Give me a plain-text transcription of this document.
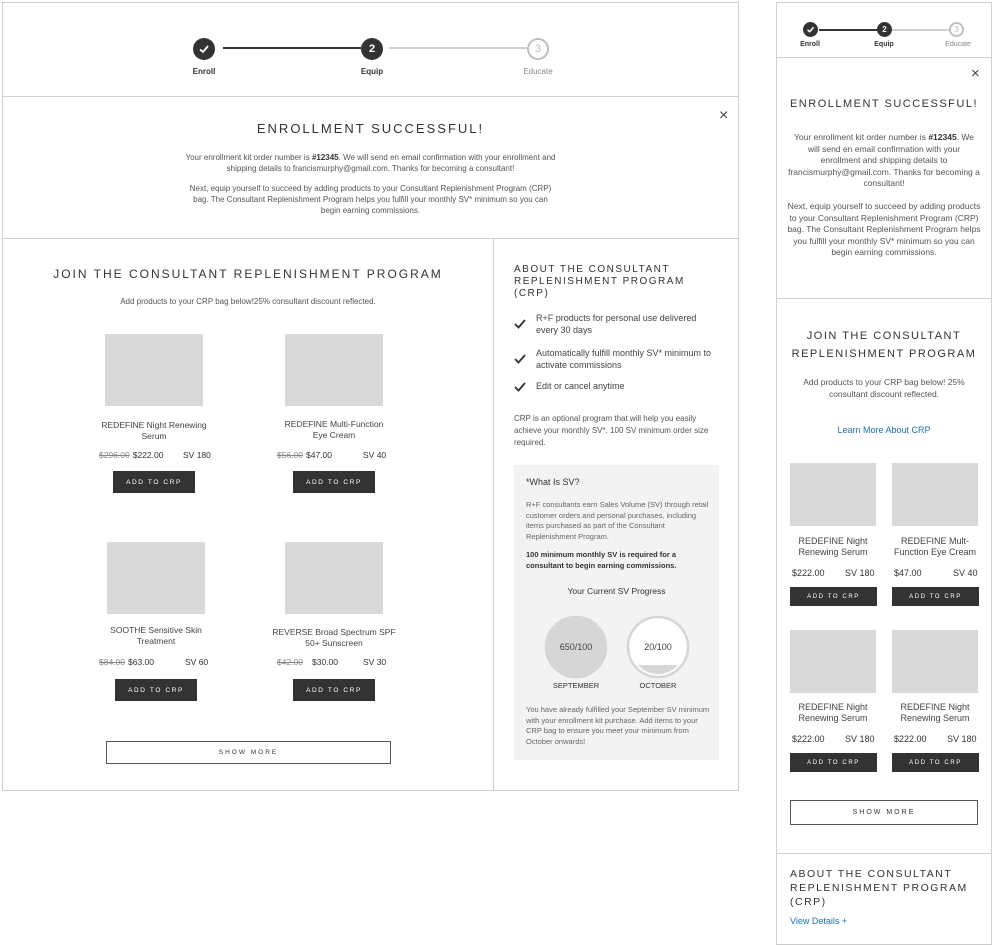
2	3
Enroll	Equip	Educate
×
ENROLLMENT SUCCESSFUL!

Your enrollment kit order number is #12345. We will send en email confirmation with your enrollment and shipping details to francismurphy@gmail.com. Thanks for becoming a consultant!

Next, equip yourself to succeed by adding products to your Consultant Replenishment Program (CRP) bag. The Consultant Replenishment Program helps you fulfill your monthly SV* minimum so you can begin earning commissions.

JOIN THE CONSULTANT REPLENISHMENT PROGRAM
Add products to your CRP bag below!25% consultant discount reflected.
REDEFINE Night Renewing Serum
$296.00 $222.00 SV 180
ADD TO CRP
REDEFINE Multi-Function Eye Cream
$56.00 $47.00	SV 40
ADD TO CRP
SOOTHE Sensitive Skin Treatment
$84.00 $63.00	SV 60
ADD TO CRP
REVERSE Broad Spectrum SPF 50+ Sunscreen
$42.00 $30.00	SV 30
ADD TO CRP
SHOW MORE
ABOUT THE CONSULTANT REPLENISHMENT PROGRAM (CRP)
R+F products for personal use delivered every 30 days
Automatically fulfill monthly SV* minimum to activate commissions
Edit or cancel anytime
CRP is an optional program that will help you easily achieve your monthly SV*. 100 SV minimum order size required.
*What Is SV?
R+F consultants earn Sales Volume (SV) through retail customer orders and personal purchases, including items purchased as part of the Consultant Replenishment Program.
100 minimum monthly SV is required for a consultant to begin earning commissions.
Your Current SV Progress
650/100	20/100
SEPTEMBER	OCTOBER
You have already fulfilled your September SV minimum with your enrollment kit purchase. Add items to your CRP bag to ensure you meet your minimum from October onwards!
2	3
Enroll	Equip	Educate
×
ENROLLMENT SUCCESSFUL!

Your enrollment kit order number is #12345. We will send en email confirmation with your enrollment and shipping details to francismurphy@gmail.com. Thanks for becoming a consultant!

Next, equip yourself to succeed by adding products to your Consultant Replenishment Program (CRP) bag. The Consultant Replenishment Program helps you fulfill your monthly SV* minimum so you can begin earning commissions.

JOIN THE CONSULTANT REPLENISHMENT PROGRAM
Add products to your CRP bag below! 25% consultant discount reflected.
Learn More About CRP
REDEFINE Night Renewing Serum
$222.00 SV 180
ADD TO CRP
REDEFINE Mult-Function Eye Cream
$47.00	SV 40
ADD TO CRP
REDEFINE Night Renewing Serum
$222.00 SV 180
ADD TO CRP
REDEFINE Night Renewing Serum
$222.00 SV 180
ADD TO CRP
SHOW MORE
ABOUT THE CONSULTANT REPLENISHMENT PROGRAM (CRP)
View Details +
